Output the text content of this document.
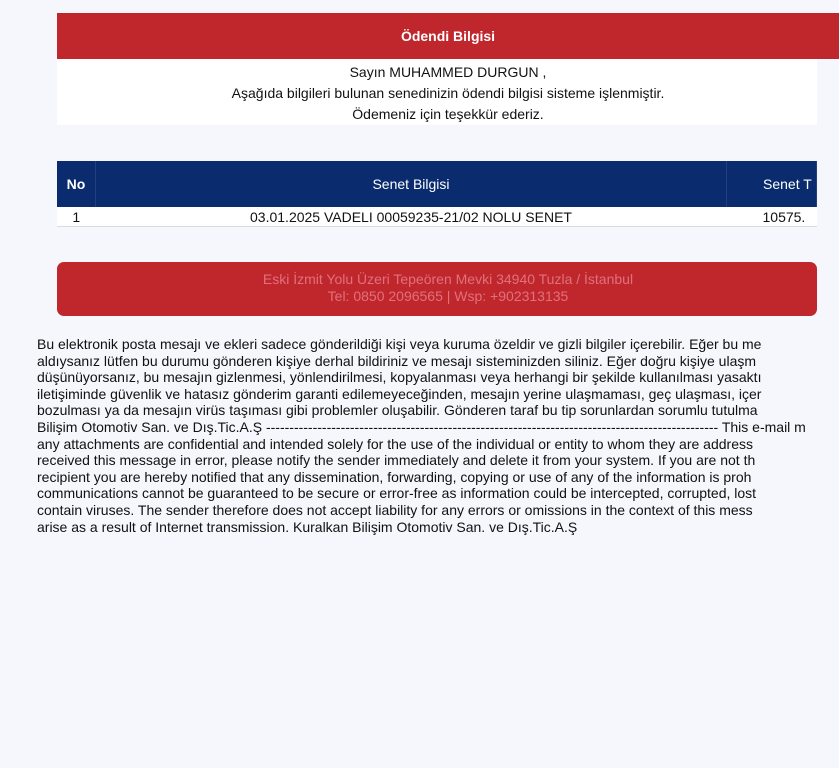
Ödendi Bilgisi
Sayın MUHAMMED DURGUN ,
Aşağıda bilgileri bulunan senedinizin ödendi bilgisi sisteme işlenmiştir.
Ödemeniz için teşekkür ederiz.
No	Senet Bilgisi	Senet T
1	03.01.2025 VADELI 00059235-21/02 NOLU SENET	10575.
Eski İzmit Yolu Üzeri Tepeören Mevki 34940 Tuzla / İstanbul
Tel: 0850 2096565 | Wsp: +902313135
Bu elektronik posta mesajı ve ekleri sadece gönderildiği kişi veya kuruma özeldir ve gizli bilgiler içerebilir. Eğer bu me
aldıysanız lütfen bu durumu gönderen kişiye derhal bildiriniz ve mesajı sisteminizden siliniz. Eğer doğru kişiye ulaşm
düşünüyorsanız, bu mesajın gizlenmesi, yönlendirilmesi, kopyalanması veya herhangi bir şekilde kullanılması yasaktı
iletişiminde güvenlik ve hatasız gönderim garanti edilemeyeceğinden, mesajın yerine ulaşmaması, geç ulaşması, içer
bozulması ya da mesajın virüs taşıması gibi problemler oluşabilir. Gönderen taraf bu tip sorunlardan sorumlu tutulma
Bilişim Otomotiv San. ve Dış.Tic.A.Ş ------------------------------------------------------------------------------------------------- This e-mail m
any attachments are confidential and intended solely for the use of the individual or entity to whom they are address
received this message in error, please notify the sender immediately and delete it from your system. If you are not th
recipient you are hereby notified that any dissemination, forwarding, copying or use of any of the information is proh
communications cannot be guaranteed to be secure or error-free as information could be intercepted, corrupted, lost
contain viruses. The sender therefore does not accept liability for any errors or omissions in the context of this mess
arise as a result of Internet transmission. Kuralkan Bilişim Otomotiv San. ve Dış.Tic.A.Ş
